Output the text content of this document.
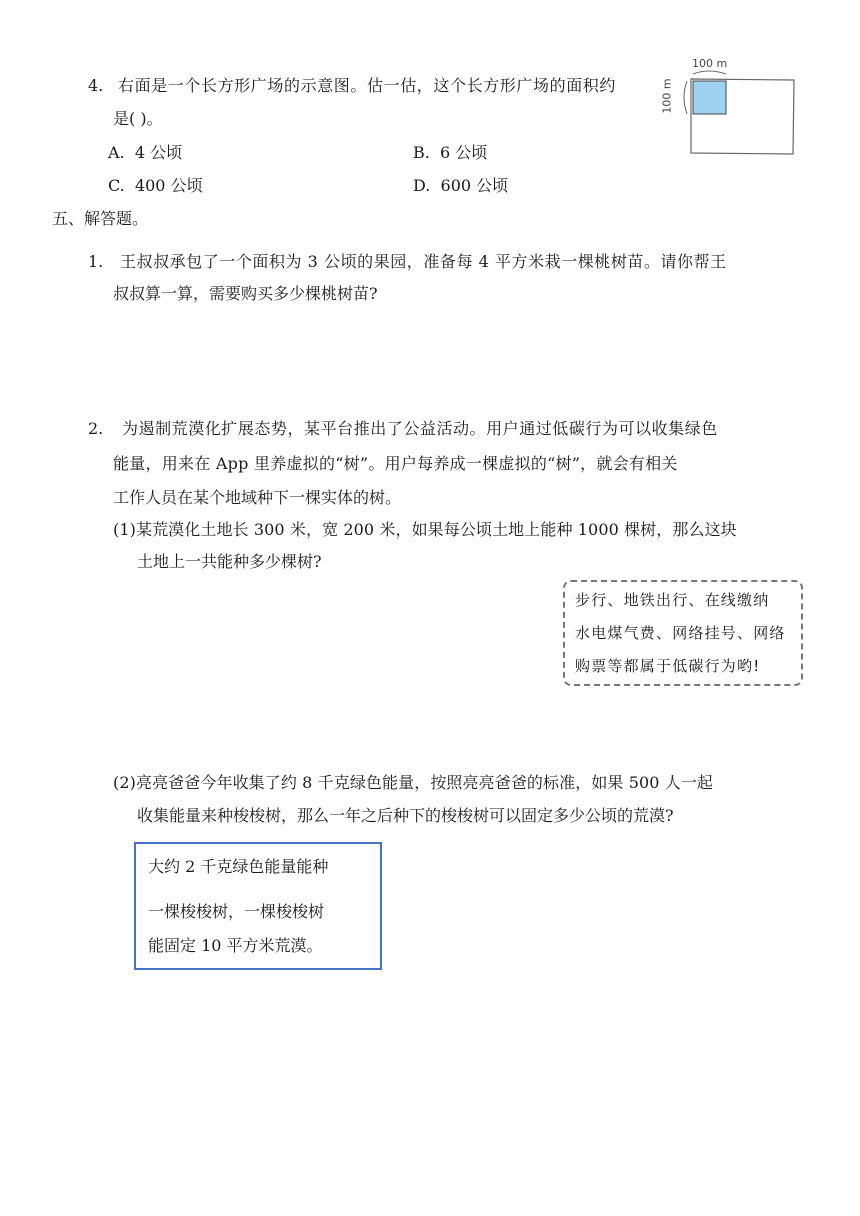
4. 右面是一个长方形广场的示意图。估一估，这个长方形广场的面积约
是( )。
A. 4 公顷	B. 6 公顷
C. 400 公顷	D. 600 公顷
100 m
100 m
五、解答题。
1. 王叔叔承包了一个面积为 3 公顷的果园，准备每 4 平方米栽一棵桃树苗。请你帮王
叔叔算一算，需要购买多少棵桃树苗?
2. 为遏制荒漠化扩展态势，某平台推出了公益活动。用户通过低碳行为可以收集绿色
能量，用来在 App 里养虚拟的“树”。用户每养成一棵虚拟的“树”，就会有相关
工作人员在某个地域种下一棵实体的树。
(1)某荒漠化土地长 300 米，宽 200 米，如果每公顷土地上能种 1000 棵树，那么这块
土地上一共能种多少棵树?
步行、地铁出行、在线缴纳
水电煤气费、网络挂号、网络
购票等都属于低碳行为哟!
(2)亮亮爸爸今年收集了约 8 千克绿色能量，按照亮亮爸爸的标准，如果 500 人一起
收集能量来种梭梭树，那么一年之后种下的梭梭树可以固定多少公顷的荒漠?
大约 2 千克绿色能量能种
一棵梭梭树，一棵梭梭树
能固定 10 平方米荒漠。
